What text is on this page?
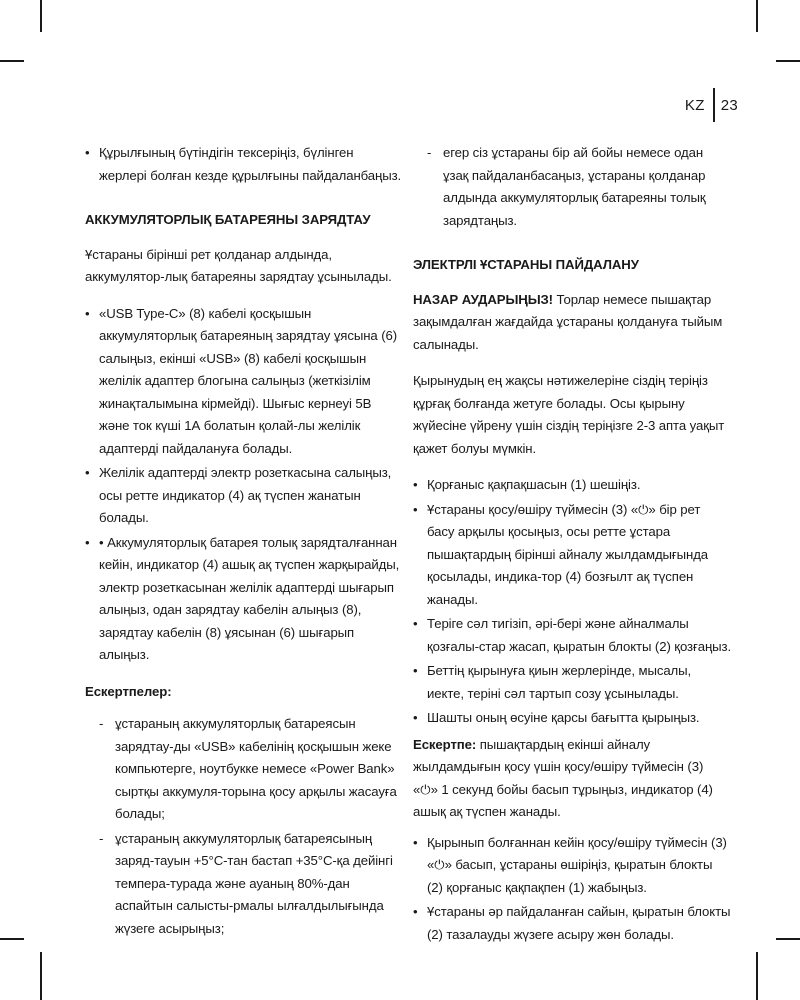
KZ 23
• Құрылғының бүтіндігін тексеріңіз, бүлінген жерлері болған кезде құрылғыны пайдаланбаңыз.
АККУМУЛЯТОРЛЫҚ БАТАРЕЯНЫ ЗАРЯДТАУ

Ұстараны бірінші рет қолданар алдында, аккумулятор-лық батареяны зарядтау ұсынылады.

• «USB Type-C» (8) кабелі қосқышын аккумуляторлық батареяның зарядтау ұясына (6) салыңыз, екінші «USB» (8) кабелі қосқышын желілік адаптер блогына салыңыз (жеткізілім жинақталымына кірмейді). Шығыс кернеуі 5В және ток күші 1А болатын қолай-лы желілік адаптерді пайдалануға болады.
• Желілік адаптерді электр розеткасына салыңыз, осы ретте индикатор (4) ақ түспен жанатын болады.
• • Аккумуляторлық батарея толық зарядталғаннан кейін, индикатор (4) ашық ақ түспен жарқырайды, электр розеткасынан желілік адаптерді шығарып алыңыз, одан зарядтау кабелін алыңыз (8), зарядтау кабелін (8) ұясынан (6) шығарып алыңыз.
Ескертпелер:
- ұстараның аккумуляторлық батареясын зарядтау-ды «USB» кабелінің қосқышын жеке компьютерге, ноутбукке немесе «Power Bank» сыртқы аккумуля-торына қосу арқылы жасауға болады;
- ұстараның аккумуляторлық батареясының заряд-тауын +5°С-тан бастап +35°С-қа дейінгі темпера-турада және ауаның 80%-дан аспайтын салысты-рмалы ылғалдылығында жүзеге асырыңыз;
- егер сіз ұстараны бір ай бойы немесе одан ұзақ пайдаланбасаңыз, ұстараны қолданар алдында аккумуляторлық батареяны толық зарядтаңыз.
ЭЛЕКТРЛІ ҰСТАРАНЫ ПАЙДАЛАНУ

НАЗАР АУДАРЫҢЫЗ! Торлар немесе пышақтар зақымдалған жағдайда ұстараны қолдануға тыйым салынады.

Қырынудың ең жақсы нәтижелеріне сіздің теріңіз құрғақ болғанда жетуге болады. Осы қырыну жүйесіне үйрену үшін сіздің теріңізге 2-3 апта уақыт қажет болуы мүмкін.

• Қорғаныс қақпақшасын (1) шешіңіз.
• Ұстараны қосу/өшіру түймесін (3) «⏻» бір рет басу арқылы қосыңыз, осы ретте ұстара пышақтардың бірінші айналу жылдамдығында қосылады, индика-тор (4) бозғылт ақ түспен жанады.
• Теріге сәл тигізіп, әрі-бері және айналмалы қозғалы-стар жасап, қыратын блокты (2) қозғаңыз.
• Беттің қырынуға қиын жерлерінде, мысалы, иекте, теріні сәл тартып созу ұсынылады.
• Шашты оның өсуіне қарсы бағытта қырыңыз.

Ескертпе: пышақтардың екінші айналу жылдамдығын қосу үшін қосу/өшіру түймесін (3) «⏻» 1 секунд бойы басып тұрыңыз, индикатор (4) ашық ақ түспен жанады.

• Қырынып болғаннан кейін қосу/өшіру түймесін (3) «⏻» басып, ұстараны өшіріңіз, қыратын блокты (2) қорғаныс қақпақпен (1) жабыңыз.
• Ұстараны әр пайдаланған сайын, қыратын блокты (2) тазалауды жүзеге асыру жөн болады.
